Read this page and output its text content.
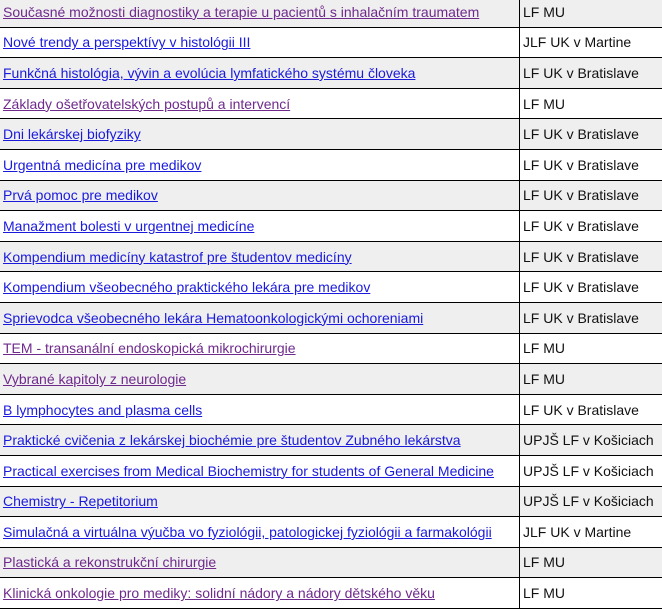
Současné možnosti diagnostiky a terapie u pacientů s inhalačním traumatem	LF MU
Nové trendy a perspektívy v histológii III	JLF UK v Martine
Funkčná histológia, vývin a evolúcia lymfatického systému človeka	LF UK v Bratislave
Základy ošetřovatelských postupů a intervencí	LF MU
Dni lekárskej biofyziky	LF UK v Bratislave
Urgentná medicína pre medikov	LF UK v Bratislave
Prvá pomoc pre medikov	LF UK v Bratislave
Manažment bolesti v urgentnej medicíne	LF UK v Bratislave
Kompendium medicíny katastrof pre študentov medicíny	LF UK v Bratislave
Kompendium všeobecného praktického lekára pre medikov	LF UK v Bratislave
Sprievodca všeobecného lekára Hematoonkologickými ochoreniami	LF UK v Bratislave
TEM - transanální endoskopická mikrochirurgie	LF MU
Vybrané kapitoly z neurologie	LF MU
B lymphocytes and plasma cells	LF UK v Bratislave
Praktické cvičenia z lekárskej biochémie pre študentov Zubného lekárstva	UPJŠ LF v Košiciach
Practical exercises from Medical Biochemistry for students of General Medicine	UPJŠ LF v Košiciach
Chemistry - Repetitorium	UPJŠ LF v Košiciach
Simulačná a virtuálna výučba vo fyziológii, patologickej fyziológii a farmakológii	JLF UK v Martine
Plastická a rekonstrukční chirurgie	LF MU
Klinická onkologie pro mediky: solidní nádory a nádory dětského věku	LF MU
